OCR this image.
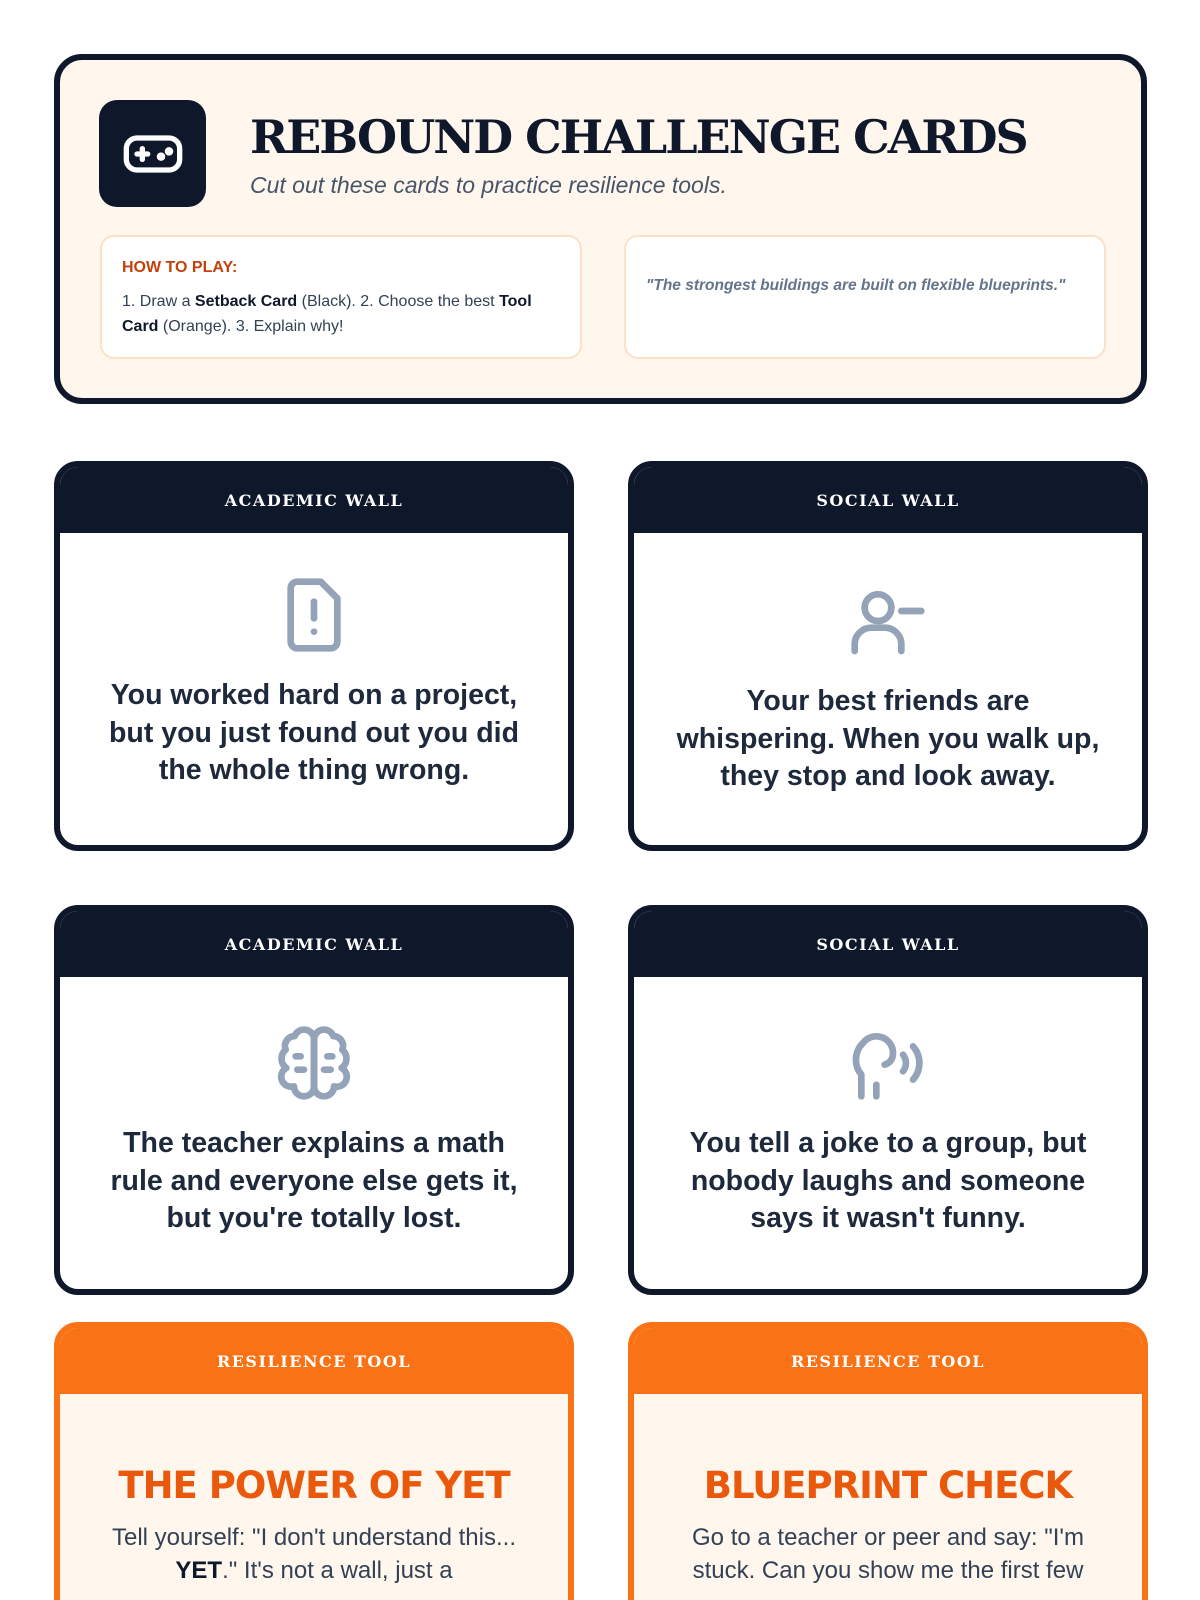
REBOUND CHALLENGE CARDS
Cut out these cards to practice resilience tools.
HOW TO PLAY:
1. Draw a Setback Card (Black). 2. Choose the best Tool Card (Orange). 3. Explain why!
"The strongest buildings are built on flexible blueprints."
ACADEMIC WALL
You worked hard on a project, but you just found out you did the whole thing wrong.
SOCIAL WALL
Your best friends are whispering. When you walk up, they stop and look away.
ACADEMIC WALL
The teacher explains a math rule and everyone else gets it, but you're totally lost.
SOCIAL WALL
You tell a joke to a group, but nobody laughs and someone says it wasn't funny.
RESILIENCE TOOL
THE POWER OF YET
Tell yourself: "I don't understand this... YET." It's not a wall, just a
RESILIENCE TOOL
BLUEPRINT CHECK
Go to a teacher or peer and say: "I'm stuck. Can you show me the first few
